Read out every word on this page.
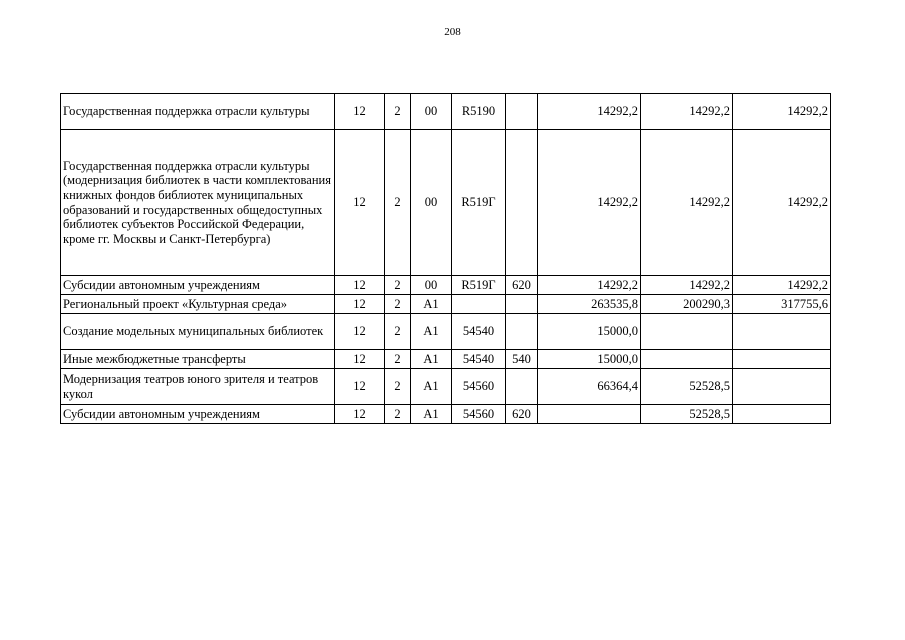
208
Государственная поддержка отрасли культуры	12	2	00	R5190		14292,2	14292,2	14292,2
Государственная поддержка отрасли культуры (модернизация библиотек в части комплектования книжных фондов библиотек муниципальных образований и государственных общедоступных библиотек субъектов Российской Федерации, кроме гг. Москвы и Санкт-Петербурга)	12	2	00	R519Г		14292,2	14292,2	14292,2
Субсидии автономным учреждениям	12	2	00	R519Г	620	14292,2	14292,2	14292,2
Региональный проект «Культурная среда»	12	2	А1			263535,8	200290,3	317755,6
Создание модельных муниципальных библиотек	12	2	А1	54540		15000,0		
Иные межбюджетные трансферты	12	2	А1	54540	540	15000,0		
Модернизация театров юного зрителя и театров кукол	12	2	А1	54560		66364,4	52528,5	
Субсидии автономным учреждениям	12	2	А1	54560	620		52528,5	
